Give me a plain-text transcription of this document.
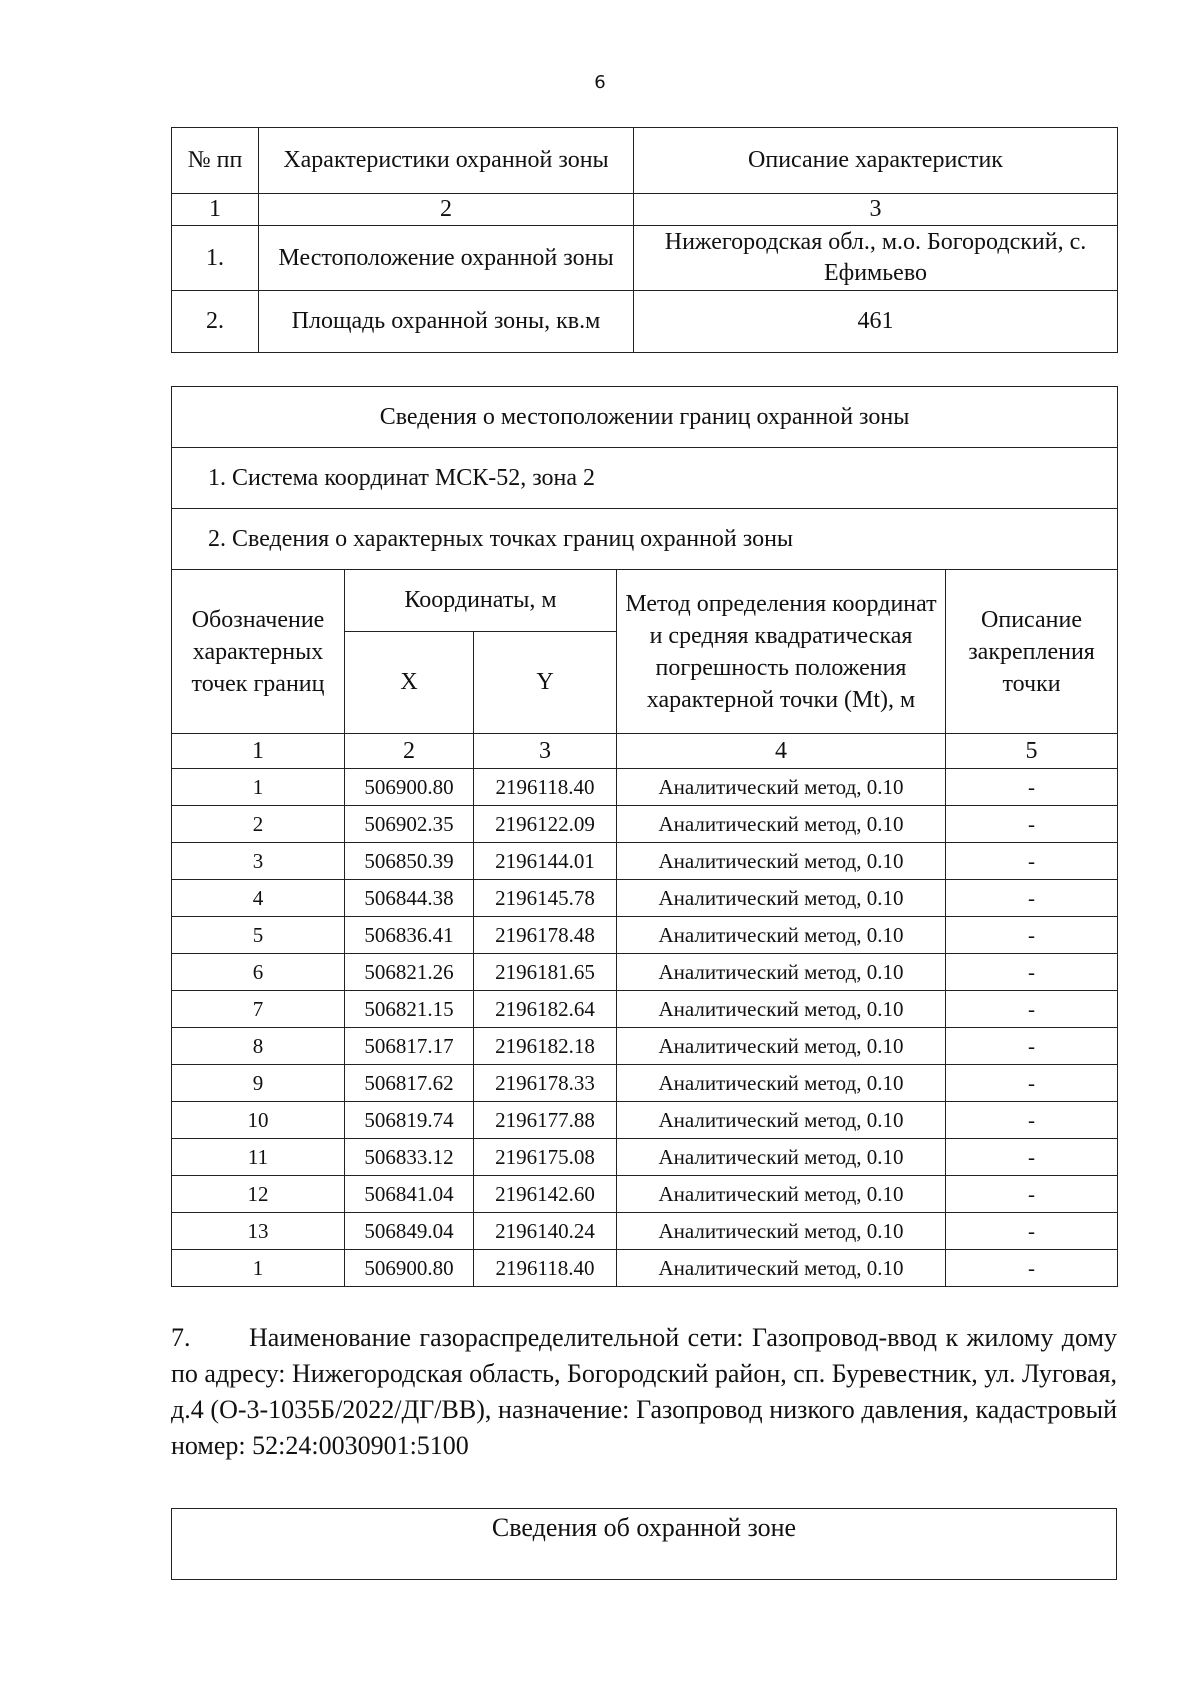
6
№ пп	Характеристики охранной зоны	Описание характеристик
1	2	3
1.	Местоположение охранной зоны	Нижегородская обл., м.о. Богородский, с. Ефимьево
2.	Площадь охранной зоны, кв.м	461
Сведения о местоположении границ охранной зоны				
1. Система координат МСК-52, зона 2				
2. Сведения о характерных точках границ охранной зоны				
Обозначение характерных точек границ	Координаты, м		Метод определения координат и средняя квадратическая погрешность положения характерной точки (Mt), м	Описание закрепления точки
	X	Y		
1	2	3	4	5
1	506900.80	2196118.40	Аналитический метод, 0.10	-
2	506902.35	2196122.09	Аналитический метод, 0.10	-
3	506850.39	2196144.01	Аналитический метод, 0.10	-
4	506844.38	2196145.78	Аналитический метод, 0.10	-
5	506836.41	2196178.48	Аналитический метод, 0.10	-
6	506821.26	2196181.65	Аналитический метод, 0.10	-
7	506821.15	2196182.64	Аналитический метод, 0.10	-
8	506817.17	2196182.18	Аналитический метод, 0.10	-
9	506817.62	2196178.33	Аналитический метод, 0.10	-
10	506819.74	2196177.88	Аналитический метод, 0.10	-
11	506833.12	2196175.08	Аналитический метод, 0.10	-
12	506841.04	2196142.60	Аналитический метод, 0.10	-
13	506849.04	2196140.24	Аналитический метод, 0.10	-
1	506900.80	2196118.40	Аналитический метод, 0.10	-
7. Наименование газораспределительной сети: Газопровод-ввод к жилому дому по адресу: Нижегородская область, Богородский район, сп. Буревестник, ул. Луговая, д.4 (О-3-1035Б/2022/ДГ/ВВ), назначение: Газопровод низкого давления, кадастровый номер: 52:24:0030901:5100
Сведения об охранной зоне
